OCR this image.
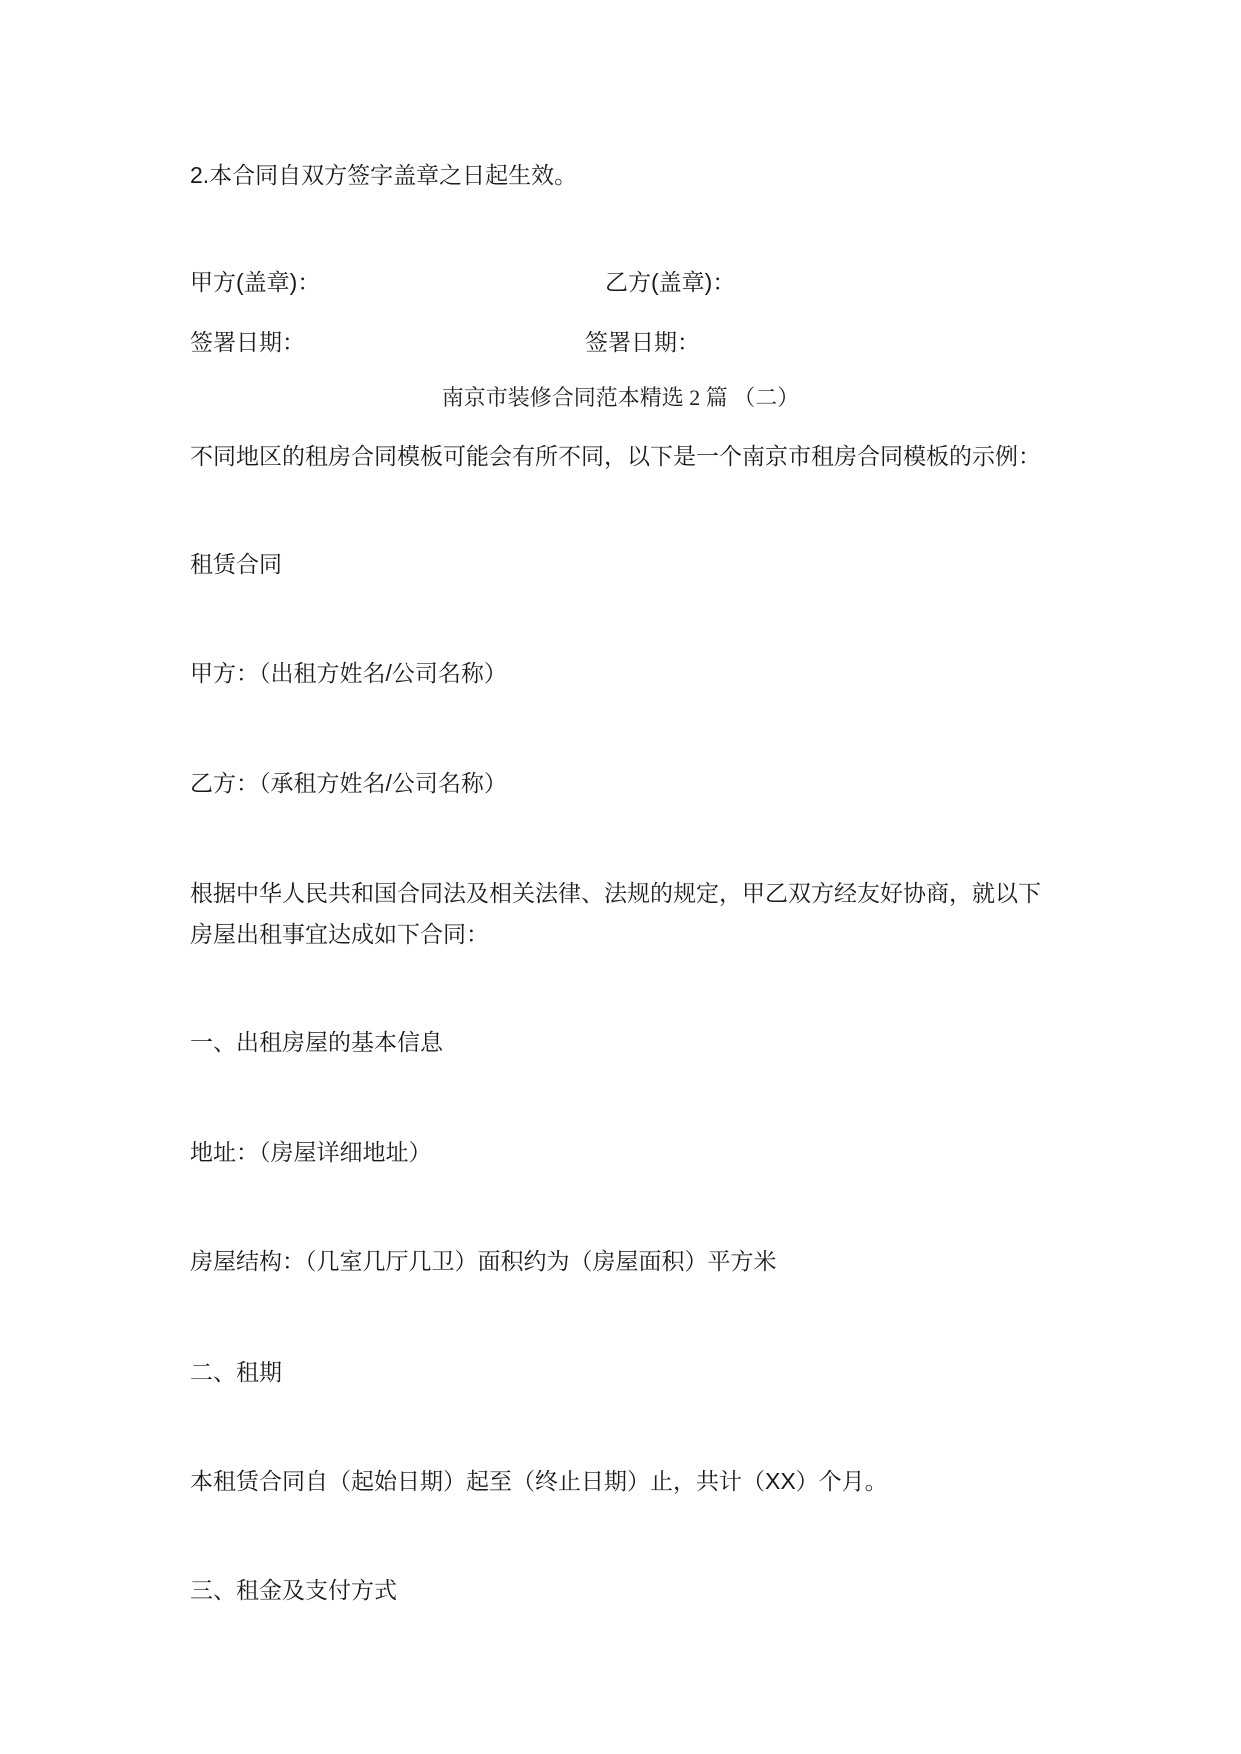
2.本合同自双方签字盖章之日起生效。
甲方(盖章)：	乙方(盖章)：
签署日期：	签署日期：
南京市装修合同范本精选 2 篇 （二）
不同地区的租房合同模板可能会有所不同，以下是一个南京市租房合同模板的示例：
租赁合同
甲方：（出租方姓名/公司名称）
乙方：（承租方姓名/公司名称）
根据中华人民共和国合同法及相关法律、法规的规定，甲乙双方经友好协商，就以下
房屋出租事宜达成如下合同：
一、出租房屋的基本信息
地址：（房屋详细地址）
房屋结构：（几室几厅几卫）面积约为（房屋面积）平方米
二、租期
本租赁合同自（起始日期）起至（终止日期）止，共计（XX）个月。
三、租金及支付方式
